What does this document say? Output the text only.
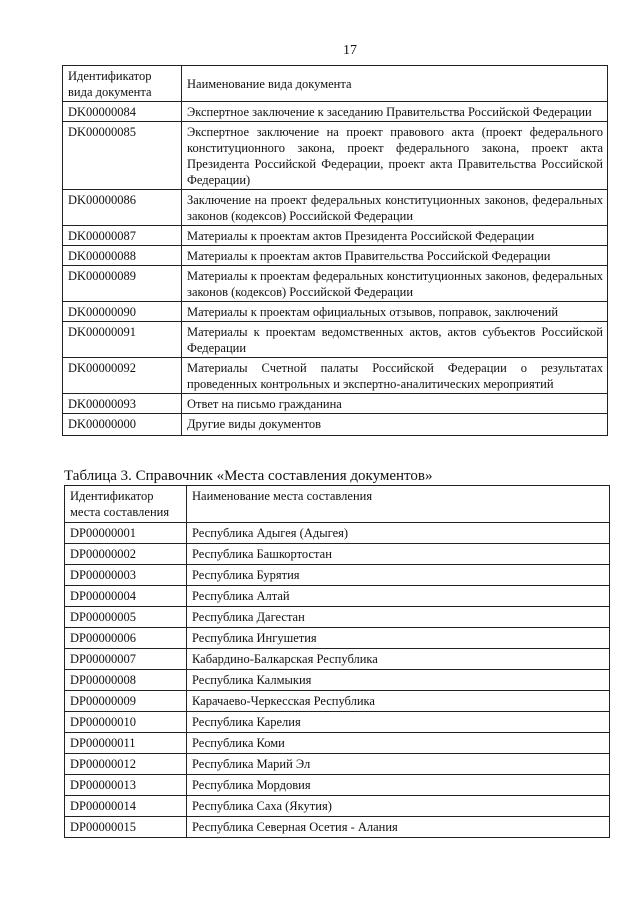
17
Идентификатор вида документа	Наименование вида документа
DK00000084	Экспертное заключение к заседанию Правительства Российской Федерации
DK00000085	Экспертное заключение на проект правового акта (проект федерального конституционного закона, проект федерального закона, проект акта Президента Российской Федерации, проект акта Правительства Российской Федерации)
DK00000086	Заключение на проект федеральных конституционных законов, федеральных законов (кодексов) Российской Федерации
DK00000087	Материалы к проектам актов Президента Российской Федерации
DK00000088	Материалы к проектам актов Правительства Российской Федерации
DK00000089	Материалы к проектам федеральных конституционных законов, федеральных законов (кодексов) Российской Федерации
DK00000090	Материалы к проектам официальных отзывов, поправок, заключений
DK00000091	Материалы к проектам ведомственных актов, актов субъектов Российской Федерации
DK00000092	Материалы Счетной палаты Российской Федерации о результатах проведенных контрольных и экспертно-аналитических мероприятий
DK00000093	Ответ на письмо гражданина
DK00000000	Другие виды документов
Таблица 3. Справочник «Места составления документов»
Идентификатор места составления	Наименование места составления
DP00000001	Республика Адыгея (Адыгея)
DP00000002	Республика Башкортостан
DP00000003	Республика Бурятия
DP00000004	Республика Алтай
DP00000005	Республика Дагестан
DP00000006	Республика Ингушетия
DP00000007	Кабардино-Балкарская Республика
DP00000008	Республика Калмыкия
DP00000009	Карачаево-Черкесская Республика
DP00000010	Республика Карелия
DP00000011	Республика Коми
DP00000012	Республика Марий Эл
DP00000013	Республика Мордовия
DP00000014	Республика Саха (Якутия)
DP00000015	Республика Северная Осетия - Алания
